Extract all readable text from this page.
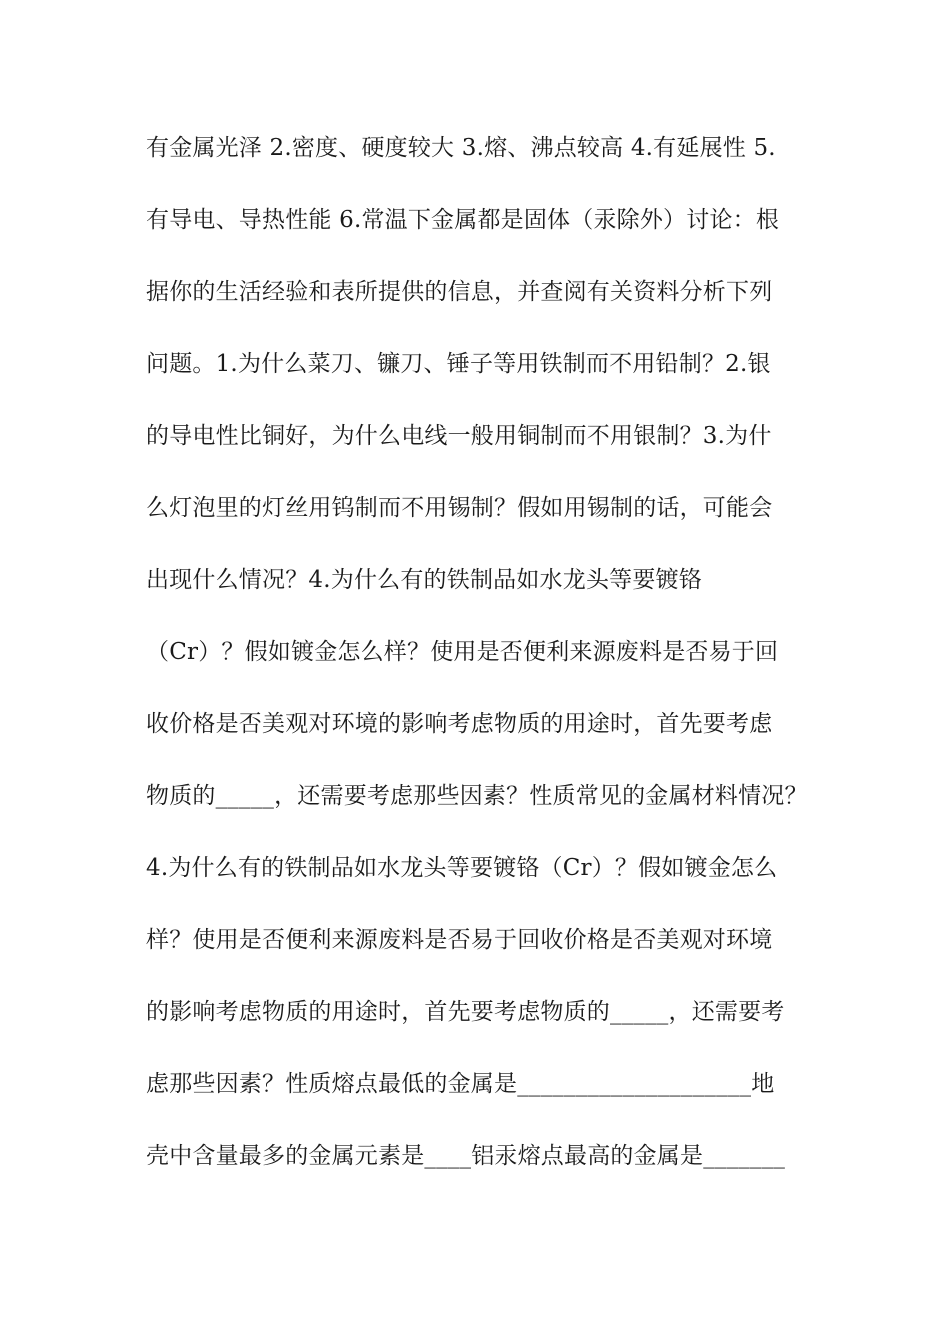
有金属光泽 2.密度、硬度较大 3.熔、沸点较高 4.有延展性 5.
有导电、导热性能 6.常温下金属都是固体（汞除外）讨论：根
据你的生活经验和表所提供的信息，并查阅有关资料分析下列
问题。1.为什么菜刀、镰刀、锤子等用铁制而不用铅制？2.银
的导电性比铜好，为什么电线一般用铜制而不用银制？3.为什
么灯泡里的灯丝用钨制而不用锡制？假如用锡制的话，可能会
出现什么情况？4.为什么有的铁制品如水龙头等要镀铬
（Cr）？假如镀金怎么样？使用是否便利来源废料是否易于回
收价格是否美观对环境的影响考虑物质的用途时，首先要考虑
物质的_____，还需要考虑那些因素？性质常见的金属材料情况？
4.为什么有的铁制品如水龙头等要镀铬（Cr）？假如镀金怎么
样？使用是否便利来源废料是否易于回收价格是否美观对环境
的影响考虑物质的用途时，首先要考虑物质的_____，还需要考
虑那些因素？性质熔点最低的金属是____________________地
壳中含量最多的金属元素是____铝汞熔点最高的金属是_______
